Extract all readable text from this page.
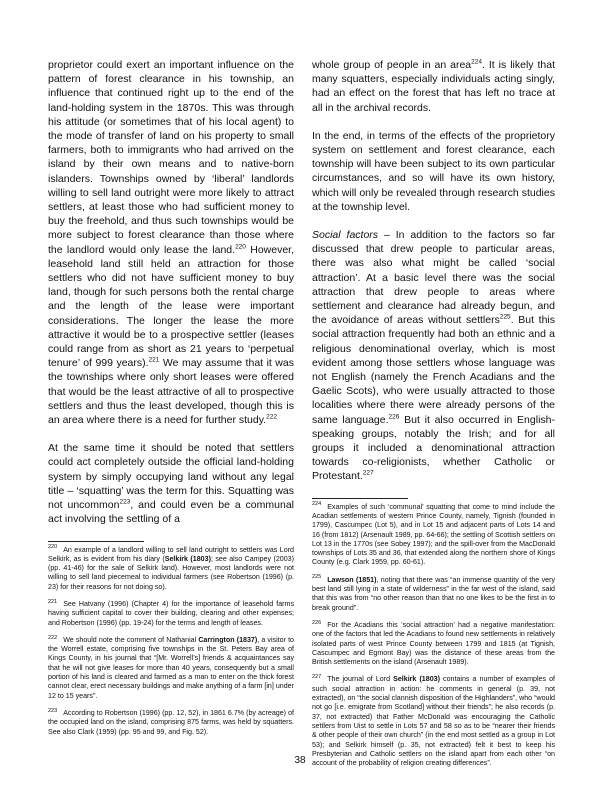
proprietor could exert an important influence on the pattern of forest clearance in his township, an influence that continued right up to the end of the land-holding system in the 1870s. This was through his attitude (or sometimes that of his local agent) to the mode of transfer of land on his property to small farmers, both to immigrants who had arrived on the island by their own means and to native-born islanders. Townships owned by ‘liberal’ landlords willing to sell land outright were more likely to attract settlers, at least those who had sufficient money to buy the freehold, and thus such townships would be more subject to forest clearance than those where the landlord would only lease the land.$^{220}$ However, leasehold land still held an attraction for those settlers who did not have sufficient money to buy land, though for such persons both the rental charge and the length of the lease were important considerations. The longer the lease the more attractive it would be to a prospective settler (leases could range from as short as 21 years to ‘perpetual tenure’ of 999 years).$^{221}$ We may assume that it was the townships where only short leases were offered that would be the least attractive of all to prospective settlers and thus the least developed, though this is an area where there is a need for further study.$^{222}$

At the same time it should be noted that settlers could act completely outside the official land-holding system by simply occupying land without any legal title – ‘squatting’ was the term for this. Squatting was not uncommon$^{223}$, and could even be a communal act involving the settling of a

$^{220}$ An example of a landlord willing to sell land outright to settlers was Lord Selkirk, as is evident from his diary (Selkirk (1803); see also Campey (2003) (pp. 41-46) for the sale of Selkirk land). However, most landlords were not willing to sell land piecemeal to individual farmers (see Robertson (1996) (p. 23) for their reasons for not doing so).

$^{221}$ See Hatvany (1996) (Chapter 4) for the importance of leasehold farms having sufficient capital to cover their building, clearing and other expenses; and Robertson (1996) (pp. 19-24) for the terms and length of leases.

$^{222}$ We should note the comment of Nathanial Carrington (1837), a visitor to the Worrell estate, comprising five townships in the St. Peters Bay area of Kings County, in his journal that “[Mr. Worrell’s] friends & acquaintances say that he will not give leases for more than 40 years, consequently but a small portion of his land is cleared and farmed as a man to enter on the thick forest cannot clear, erect necessary buildings and make anything of a farm [in] under 12 to 15 years”.

$^{223}$ According to Robertson (1996) (pp. 12, 52), in 1861 6.7% (by acreage) of the occupied land on the island, comprising 875 farms, was held by squatters. See also Clark (1959) (pp. 95 and 99, and Fig. 52).

whole group of people in an area$^{224}$. It is likely that many squatters, especially individuals acting singly, had an effect on the forest that has left no trace at all in the archival records.

In the end, in terms of the effects of the proprietory system on settlement and forest clearance, each township will have been subject to its own particular circumstances, and so will have its own history, which will only be revealed through research studies at the township level.

Social factors – In addition to the factors so far discussed that drew people to particular areas, there was also what might be called ‘social attraction’. At a basic level there was the social attraction that drew people to areas where settlement and clearance had already begun, and the avoidance of areas without settlers$^{225}$. But this social attraction frequently had both an ethnic and a religious denominational overlay, which is most evident among those settlers whose language was not English (namely the French Acadians and the Gaelic Scots), who were usually attracted to those localities where there were already persons of the same language.$^{226}$ But it also occurred in English-speaking groups, notably the Irish; and for all groups it included a denominational attraction towards co-religionists, whether Catholic or Protestant.$^{227}$

$^{224}$ Examples of such ‘communal’ squatting that come to mind include the Acadian settlements of western Prince County, namely, Tignish (founded in 1799), Cascumpec (Lot 5), and in Lot 15 and adjacent parts of Lots 14 and 16 (from 1812) (Arsenault 1989, pp. 64-66); the settling of Scottish settlers on Lot 13 in the 1770s (see Sobey 1997); and the spill-over from the MacDonald townships of Lots 35 and 36, that extended along the northern shore of Kings County (e.g. Clark 1959, pp. 60-61).

$^{225}$ Lawson (1851), noting that there was “an immense quantity of the very best land still lying in a state of wilderness” in the far west of the island, said that this was from “no other reason than that no one likes to be the first in to break ground”.

$^{226}$ For the Acadians this ‘social attraction’ had a negative manifestation: one of the factors that led the Acadians to found new settlements in relatively isolated parts of west Prince County between 1799 and 1815 (at Tignish, Cascumpec and Egmont Bay) was the distance of these areas from the British settlements on the island (Arsenault 1989).

$^{227}$ The journal of Lord Selkirk (1803) contains a number of examples of such social attraction in action: he comments in general (p. 39, not extracted), on “the social clannish disposition of the Highlanders”, who “would not go [i.e. emigrate from Scotland] without their friends”; he also records (p. 37, not extracted) that Father McDonald was encouraging the Catholic settlers from Uist to settle in Lots 57 and 58 so as to be “nearer their friends & other people of their own church” (in the end most settled as a group in Lot 53); and Selkirk himself (p. 35, not extracted) felt it best to keep his Presbyterian and Catholic settlers on the island apart from each other “on account of the probability of religion creating differences”.

38
